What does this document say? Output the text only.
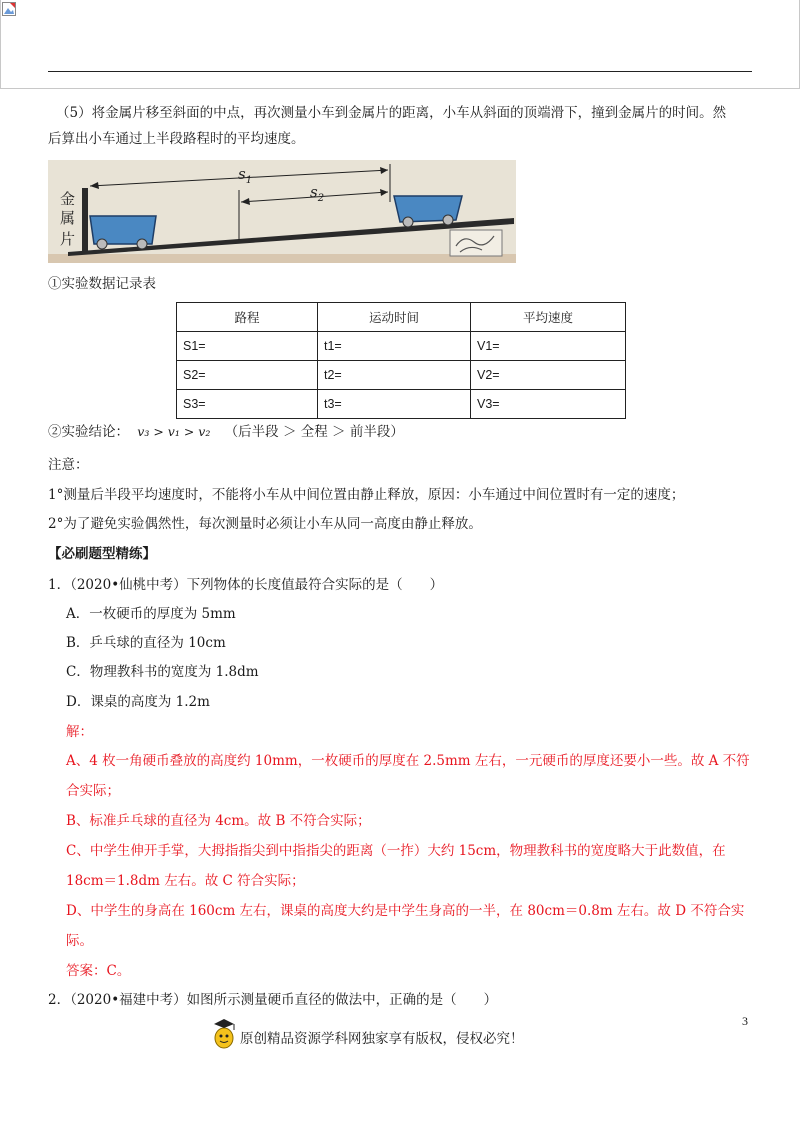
（5）将金属片移至斜面的中点，再次测量小车到金属片的距离，小车从斜面的顶端滑下，撞到金属片的时间。然
后算出小车通过上半段路程时的平均速度。
金
属
片
$s_1$
$s_2$
①实验数据记录表
路程	运动时间	平均速度
S1=	t1=	V1=
S2=	t2=	V2=
S3=	t3=	V3=
②实验结论： v₃ > v₁ > v₂ （后半段 ＞ 全程 ＞ 前半段）
注意：
1°测量后半段平均速度时，不能将小车从中间位置由静止释放，原因：小车通过中间位置时有一定的速度；
2°为了避免实验偶然性，每次测量时必须让小车从同一高度由静止释放。
【必刷题型精练】
1．（2020•仙桃中考）下列物体的长度值最符合实际的是（　　）
A．一枚硬币的厚度为 5mm
B．乒乓球的直径为 10cm
C．物理教科书的宽度为 1.8dm
D．课桌的高度为 1.2m
解：
A、4 枚一角硬币叠放的高度约 10mm，一枚硬币的厚度在 2.5mm 左右，一元硬币的厚度还要小一些。故 A 不符
合实际；
B、标准乒乓球的直径为 4cm。故 B 不符合实际；
C、中学生伸开手掌，大拇指指尖到中指指尖的距离（一拃）大约 15cm，物理教科书的宽度略大于此数值，在
18cm＝1.8dm 左右。故 C 符合实际；
D、中学生的身高在 160cm 左右，课桌的高度大约是中学生身高的一半，在 80cm＝0.8m 左右。故 D 不符合实
际。
答案：C。
2．（2020•福建中考）如图所示测量硬币直径的做法中，正确的是（　　）
3
原创精品资源学科网独家享有版权，侵权必究！
